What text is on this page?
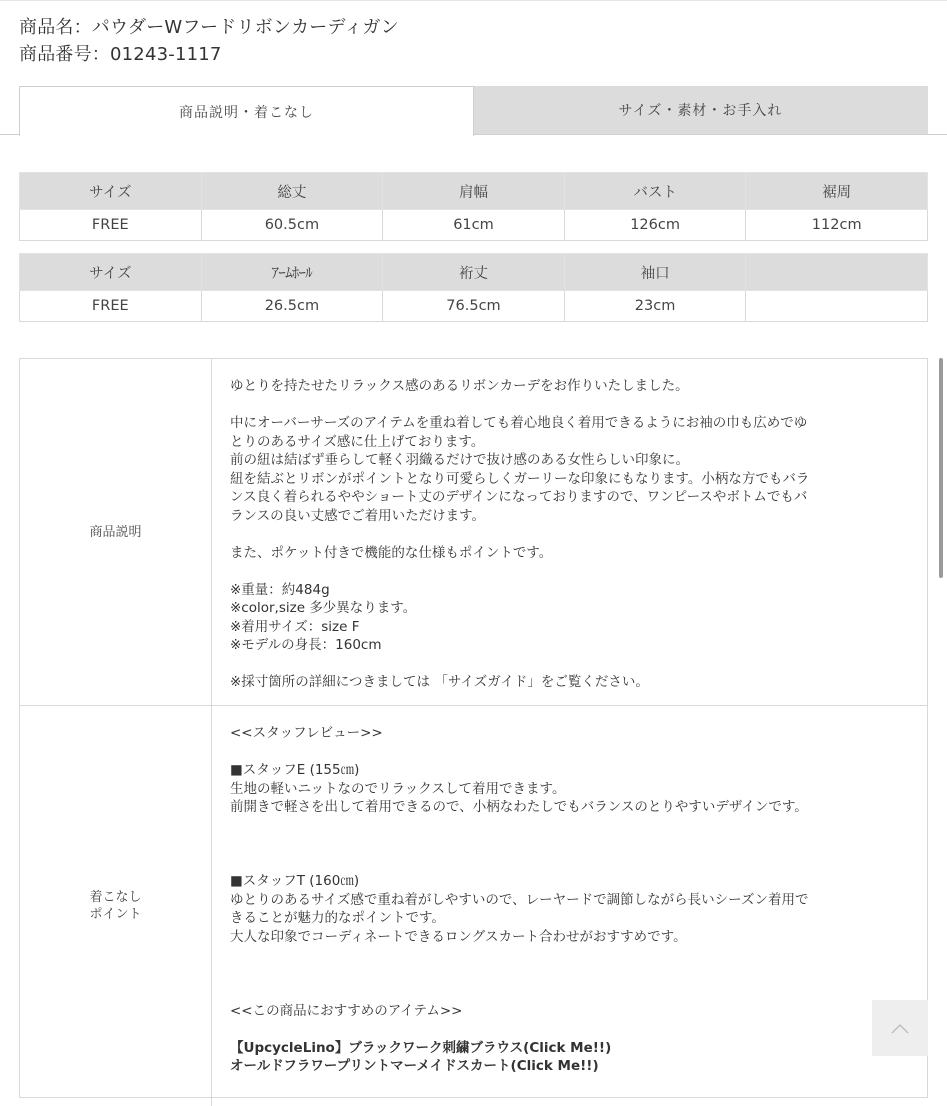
商品名：パウダーWフードリボンカーディガン
商品番号：01243-1117
商品説明・着こなし	サイズ・素材・お手入れ
サイズ	総丈	肩幅	バスト	裾周
FREE	60.5cm	61cm	126cm	112cm
サイズ	ｱｰﾑﾎｰﾙ	裄丈	袖口	
FREE	26.5cm	76.5cm	23cm	
商品説明

ゆとりを持たせたリラックス感のあるリボンカーデをお作りいたしました。

中にオーバーサーズのアイテムを重ね着しても着心地良く着用できるようにお袖の巾も広めでゆ

とりのあるサイズ感に仕上げております。

前の紐は結ばず垂らして軽く羽織るだけで抜け感のある女性らしい印象に。

紐を結ぶとリボンがポイントとなり可愛らしくガーリーな印象にもなります。小柄な方でもバラ

ンス良く着られるややショート丈のデザインになっておりますので、ワンピースやボトムでもバ

ランスの良い丈感でご着用いただけます。

また、ポケット付きで機能的な仕様もポイントです。

※重量：約484g

※color,size 多少異なります。

※着用サイズ：size F

※モデルの身長：160cm

※採寸箇所の詳細につきましては 「サイズガイド」をご覧ください。

着こなし
ポイント

<<スタッフレビュー>>

■スタッフE (155㎝)

生地の軽いニットなのでリラックスして着用できます。

前開きで軽さを出して着用できるので、小柄なわたしでもバランスのとりやすいデザインです。

■スタッフT (160㎝)

ゆとりのあるサイズ感で重ね着がしやすいので、レーヤードで調節しながら長いシーズン着用で

きることが魅力的なポイントです。

大人な印象でコーディネートできるロングスカート合わせがおすすめです。

<<この商品におすすめのアイテム>>

【UpcycleLino】ブラックワーク刺繍ブラウス(Click Me!!)

オールドフラワープリントマーメイドスカート(Click Me!!)
